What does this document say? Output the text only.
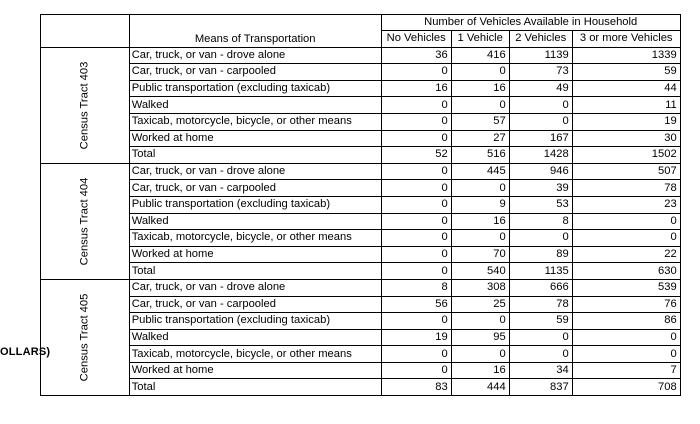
OLLARS)
	Means of Transportation	Number of Vehicles Available in Household			
		No Vehicles	1 Vehicle	2 Vehicles	3 or more Vehicles

Census Tract 403	Car, truck, or van - drove alone	36	416	1139	1339
	Car, truck, or van - carpooled	0	0	73	59
	Public transportation (excluding taxicab)	16	16	49	44
	Walked	0	0	0	11
	Taxicab, motorcycle, bicycle, or other means	0	57	0	19
	Worked at home	0	27	167	30
	Total	52	516	1428	1502

Census Tract 404	Car, truck, or van - drove alone	0	445	946	507
	Car, truck, or van - carpooled	0	0	39	78
	Public transportation (excluding taxicab)	0	9	53	23
	Walked	0	16	8	0
	Taxicab, motorcycle, bicycle, or other means	0	0	0	0
	Worked at home	0	70	89	22
	Total	0	540	1135	630

Census Tract 405	Car, truck, or van - drove alone	8	308	666	539
	Car, truck, or van - carpooled	56	25	78	76
	Public transportation (excluding taxicab)	0	0	59	86
	Walked	19	95	0	0
	Taxicab, motorcycle, bicycle, or other means	0	0	0	0
	Worked at home	0	16	34	7
	Total	83	444	837	708
